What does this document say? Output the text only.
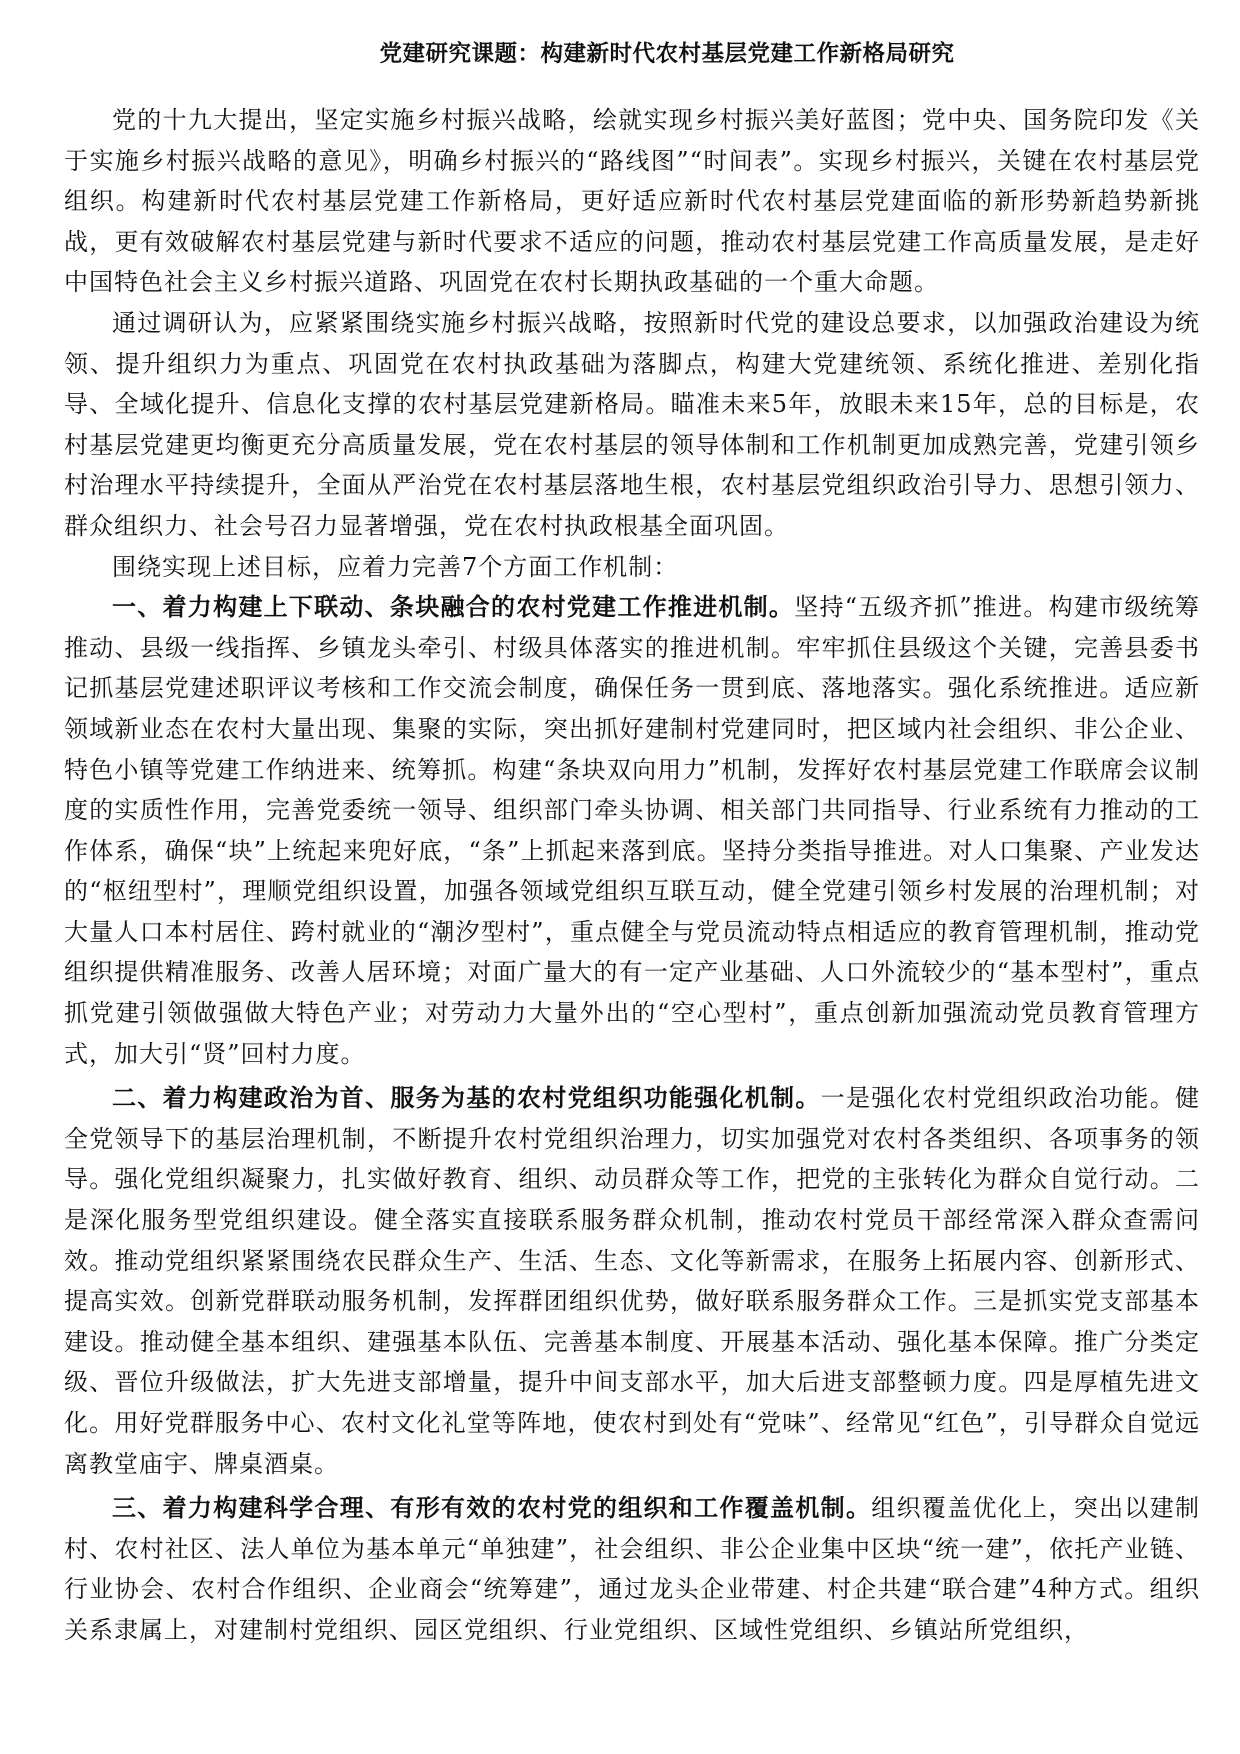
党建研究课题：构建新时代农村基层党建工作新格局研究

党的十九大提出，坚定实施乡村振兴战略，绘就实现乡村振兴美好蓝图；党中央、国务院印发《关于实施乡村振兴战略的意见》，明确乡村振兴的“路线图”“时间表”。实现乡村振兴，关键在农村基层党组织。构建新时代农村基层党建工作新格局，更好适应新时代农村基层党建面临的新形势新趋势新挑战，更有效破解农村基层党建与新时代要求不适应的问题，推动农村基层党建工作高质量发展，是走好中国特色社会主义乡村振兴道路、巩固党在农村长期执政基础的一个重大命题。

通过调研认为，应紧紧围绕实施乡村振兴战略，按照新时代党的建设总要求，以加强政治建设为统领、提升组织力为重点、巩固党在农村执政基础为落脚点，构建大党建统领、系统化推进、差别化指导、全域化提升、信息化支撑的农村基层党建新格局。瞄准未来5年，放眼未来15年，总的目标是，农村基层党建更均衡更充分高质量发展，党在农村基层的领导体制和工作机制更加成熟完善，党建引领乡村治理水平持续提升，全面从严治党在农村基层落地生根，农村基层党组织政治引导力、思想引领力、群众组织力、社会号召力显著增强，党在农村执政根基全面巩固。

围绕实现上述目标，应着力完善7个方面工作机制：

一、着力构建上下联动、条块融合的农村党建工作推进机制。坚持“五级齐抓”推进。构建市级统筹推动、县级一线指挥、乡镇龙头牵引、村级具体落实的推进机制。牢牢抓住县级这个关键，完善县委书记抓基层党建述职评议考核和工作交流会制度，确保任务一贯到底、落地落实。强化系统推进。适应新领域新业态在农村大量出现、集聚的实际，突出抓好建制村党建同时，把区域内社会组织、非公企业、特色小镇等党建工作纳进来、统筹抓。构建“条块双向用力”机制，发挥好农村基层党建工作联席会议制度的实质性作用，完善党委统一领导、组织部门牵头协调、相关部门共同指导、行业系统有力推动的工作体系，确保“块”上统起来兜好底，“条”上抓起来落到底。坚持分类指导推进。对人口集聚、产业发达的“枢纽型村”，理顺党组织设置，加强各领域党组织互联互动，健全党建引领乡村发展的治理机制；对大量人口本村居住、跨村就业的“潮汐型村”，重点健全与党员流动特点相适应的教育管理机制，推动党组织提供精准服务、改善人居环境；对面广量大的有一定产业基础、人口外流较少的“基本型村”，重点抓党建引领做强做大特色产业；对劳动力大量外出的“空心型村”，重点创新加强流动党员教育管理方式，加大引“贤”回村力度。

二、着力构建政治为首、服务为基的农村党组织功能强化机制。一是强化农村党组织政治功能。健全党领导下的基层治理机制，不断提升农村党组织治理力，切实加强党对农村各类组织、各项事务的领导。强化党组织凝聚力，扎实做好教育、组织、动员群众等工作，把党的主张转化为群众自觉行动。二是深化服务型党组织建设。健全落实直接联系服务群众机制，推动农村党员干部经常深入群众查需问效。推动党组织紧紧围绕农民群众生产、生活、生态、文化等新需求，在服务上拓展内容、创新形式、提高实效。创新党群联动服务机制，发挥群团组织优势，做好联系服务群众工作。三是抓实党支部基本建设。推动健全基本组织、建强基本队伍、完善基本制度、开展基本活动、强化基本保障。推广分类定级、晋位升级做法，扩大先进支部增量，提升中间支部水平，加大后进支部整顿力度。四是厚植先进文化。用好党群服务中心、农村文化礼堂等阵地，使农村到处有“党味”、经常见“红色”，引导群众自觉远离教堂庙宇、牌桌酒桌。

三、着力构建科学合理、有形有效的农村党的组织和工作覆盖机制。组织覆盖优化上，突出以建制村、农村社区、法人单位为基本单元“单独建”，社会组织、非公企业集中区块“统一建”，依托产业链、行业协会、农村合作组织、企业商会“统筹建”，通过龙头企业带建、村企共建“联合建”4种方式。组织关系隶属上，对建制村党组织、园区党组织、行业党组织、区域性党组织、乡镇站所党组织，
